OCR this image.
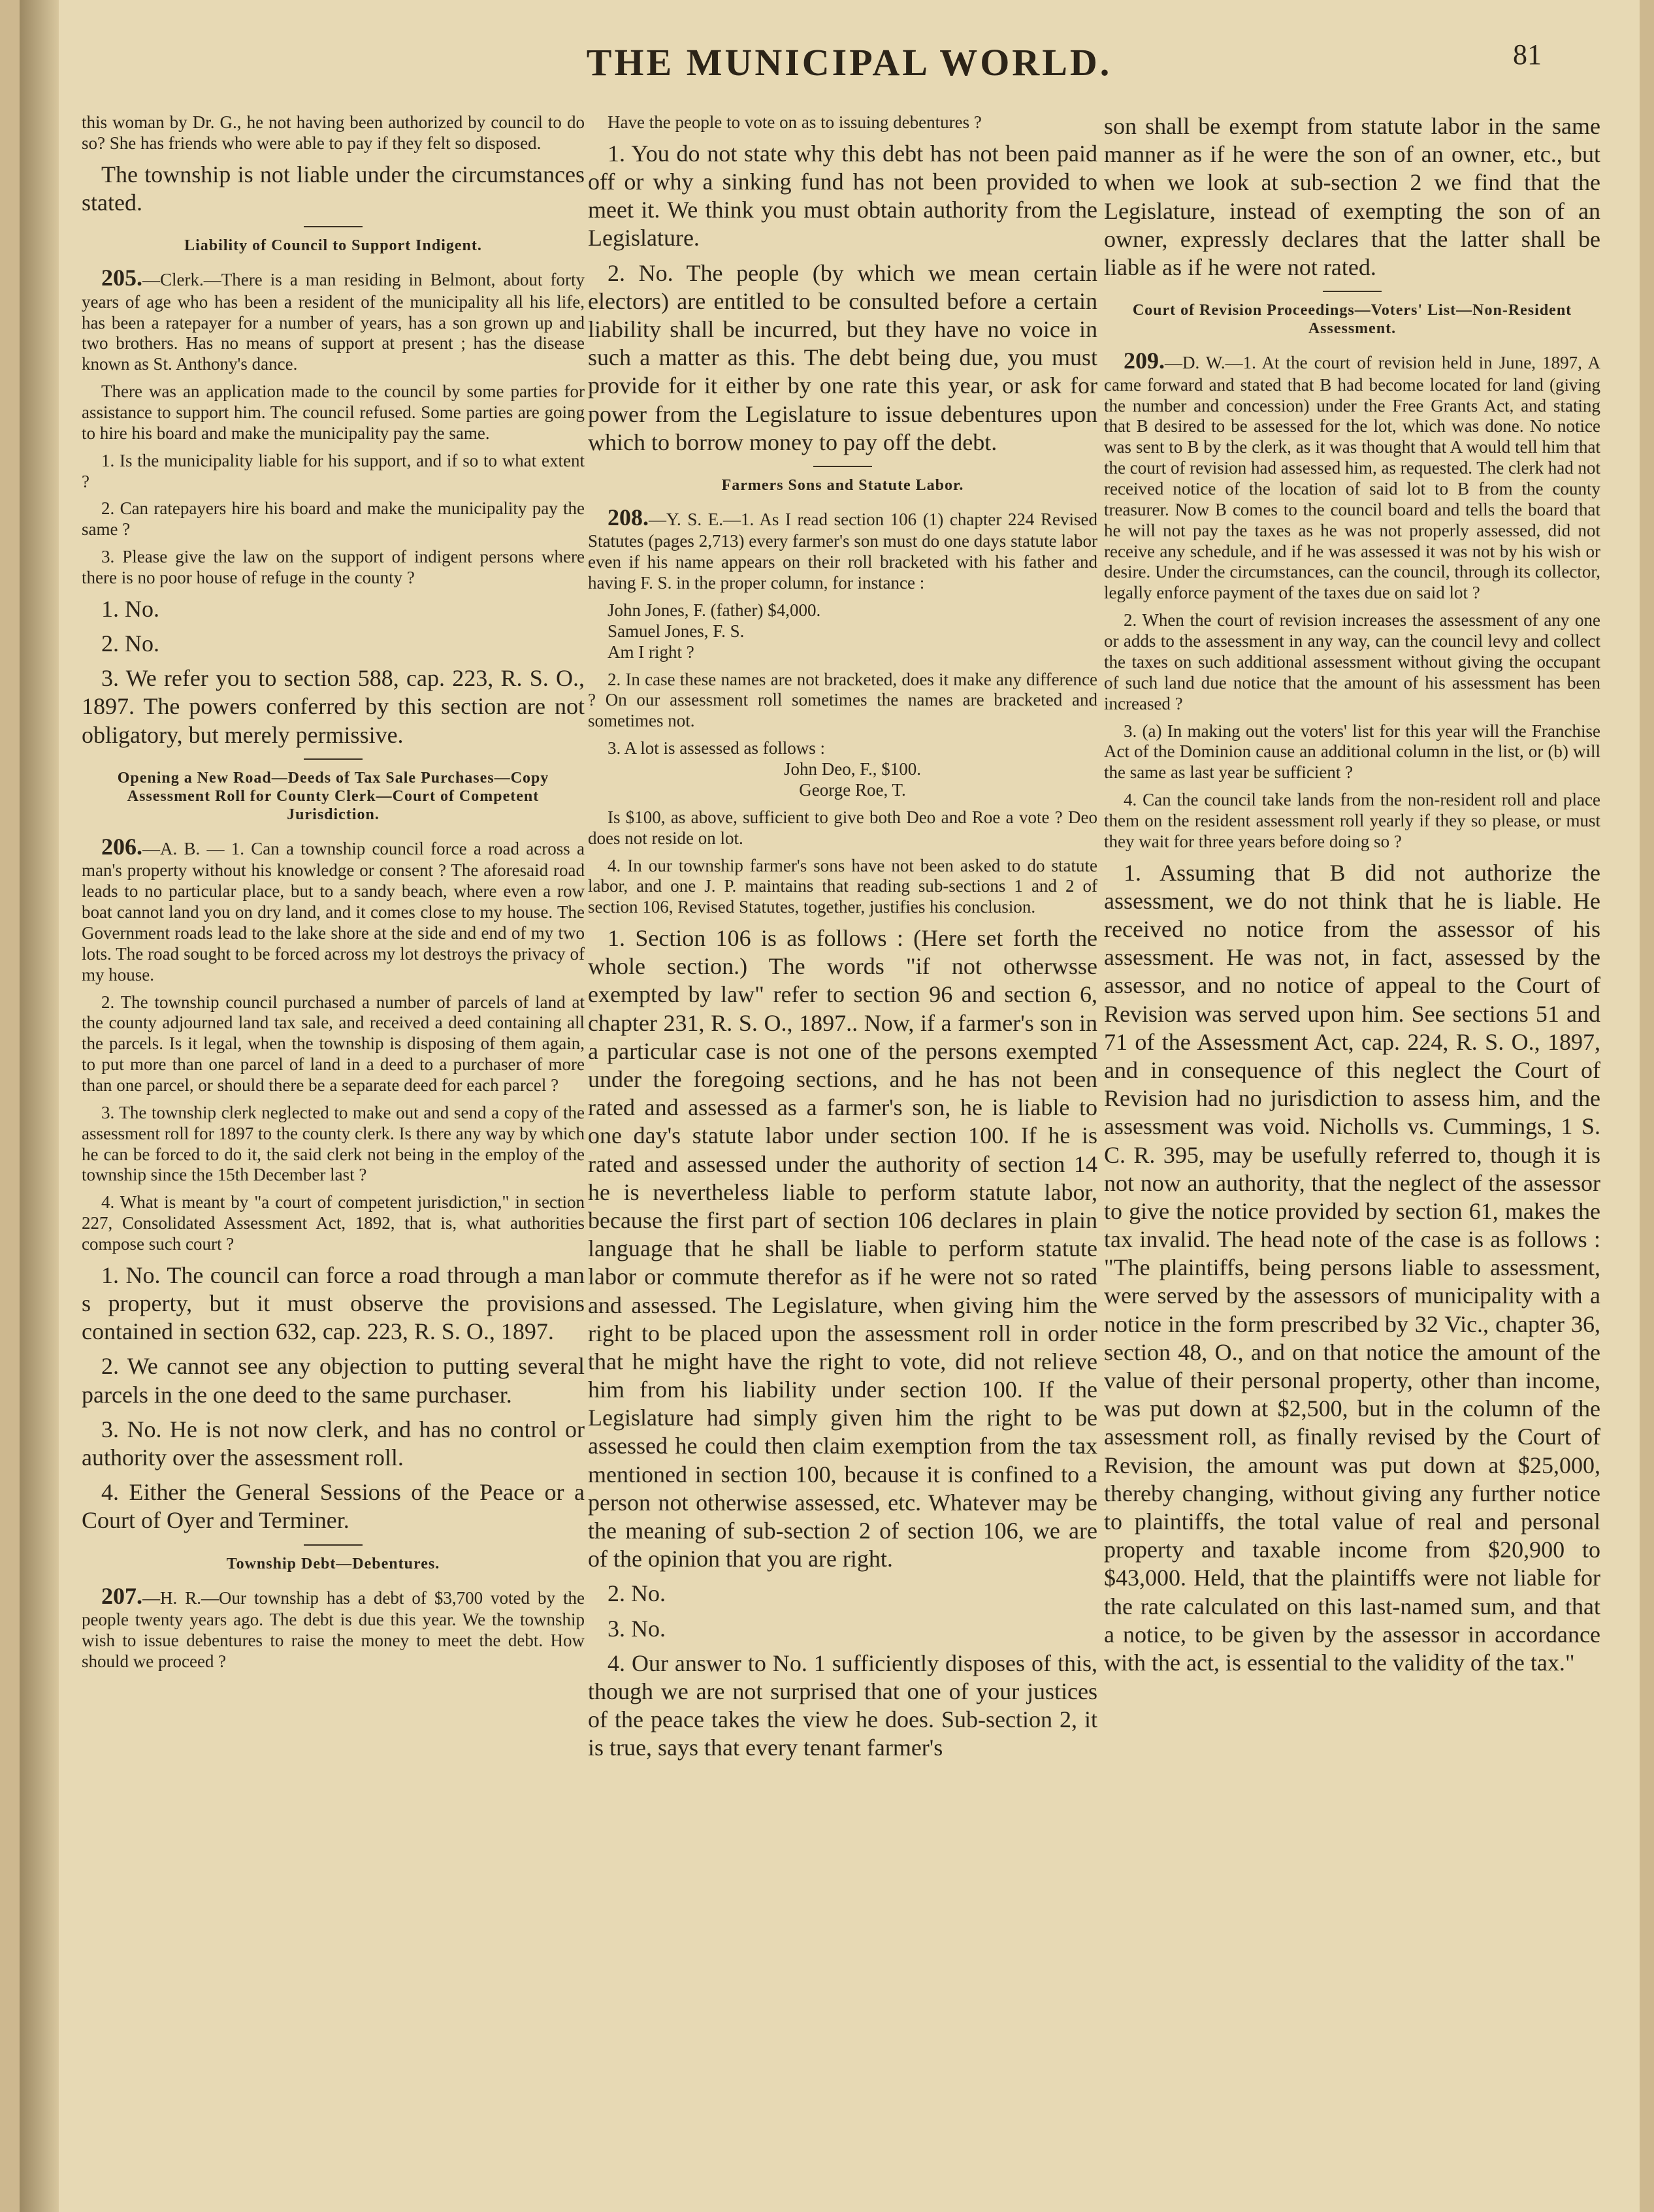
THE MUNICIPAL WORLD.	81

this woman by Dr. G., he not having been authorized by council to do so? She has friends who were able to pay if they felt so disposed.

The township is not liable under the circumstances stated.

Liability of Council to Support Indigent.

205.—Clerk.—There is a man residing in Belmont, about forty years of age who has been a resident of the municipality all his life, has been a ratepayer for a number of years, has a son grown up and two brothers. Has no means of support at present ; has the disease known as St. Anthony's dance.

There was an application made to the council by some parties for assistance to support him. The council refused. Some parties are going to hire his board and make the municipality pay the same.

1. Is the municipality liable for his support, and if so to what extent ?

2. Can ratepayers hire his board and make the municipality pay the same ?

3. Please give the law on the support of indigent persons where there is no poor house of refuge in the county ?

1. No.

2. No.

3. We refer you to section 588, cap. 223, R. S. O., 1897. The powers conferred by this section are not obligatory, but merely permissive.

Opening a New Road—Deeds of Tax Sale Purchases—Copy Assessment Roll for County Clerk—Court of Competent Jurisdiction.

206.—A. B. — 1. Can a township council force a road across a man's property without his knowledge or consent ? The aforesaid road leads to no particular place, but to a sandy beach, where even a row boat cannot land you on dry land, and it comes close to my house. The Government roads lead to the lake shore at the side and end of my two lots. The road sought to be forced across my lot destroys the privacy of my house.

2. The township council purchased a number of parcels of land at the county adjourned land tax sale, and received a deed containing all the parcels. Is it legal, when the township is disposing of them again, to put more than one parcel of land in a deed to a purchaser of more than one parcel, or should there be a separate deed for each parcel ?

3. The township clerk neglected to make out and send a copy of the assessment roll for 1897 to the county clerk. Is there any way by which he can be forced to do it, the said clerk not being in the employ of the township since the 15th December last ?

4. What is meant by "a court of competent jurisdiction," in section 227, Consolidated Assessment Act, 1892, that is, what authorities compose such court ?

1. No. The council can force a road through a man s property, but it must observe the provisions contained in section 632, cap. 223, R. S. O., 1897.

2. We cannot see any objection to putting several parcels in the one deed to the same purchaser.

3. No. He is not now clerk, and has no control or authority over the assessment roll.

4. Either the General Sessions of the Peace or a Court of Oyer and Terminer.

Township Debt—Debentures.

207.—H. R.—Our township has a debt of $3,700 voted by the people twenty years ago. The debt is due this year. We the township wish to issue debentures to raise the money to meet the debt. How should we proceed ?

Have the people to vote on as to issuing debentures ?

1. You do not state why this debt has not been paid off or why a sinking fund has not been provided to meet it. We think you must obtain authority from the Legislature.

2. No. The people (by which we mean certain electors) are entitled to be consulted before a certain liability shall be incurred, but they have no voice in such a matter as this. The debt being due, you must provide for it either by one rate this year, or ask for power from the Legislature to issue debentures upon which to borrow money to pay off the debt.

Farmers Sons and Statute Labor.

208.—Y. S. E.—1. As I read section 106 (1) chapter 224 Revised Statutes (pages 2,713) every farmer's son must do one days statute labor even if his name appears on their roll bracketed with his father and having F. S. in the proper column, for instance :

John Jones, F. (father) $4,000.

Samuel Jones, F. S.

Am I right ?

2. In case these names are not bracketed, does it make any difference ? On our assessment roll sometimes the names are bracketed and sometimes not.

3. A lot is assessed as follows :

John Deo, F., $100.

George Roe, T.

Is $100, as above, sufficient to give both Deo and Roe a vote ? Deo does not reside on lot.

4. In our township farmer's sons have not been asked to do statute labor, and one J. P. maintains that reading sub-sections 1 and 2 of section 106, Revised Statutes, together, justifies his conclusion.

1. Section 106 is as follows : (Here set forth the whole section.) The words "if not otherwsse exempted by law" refer to section 96 and section 6, chapter 231, R. S. O., 1897.. Now, if a farmer's son in a particular case is not one of the persons exempted under the foregoing sections, and he has not been rated and assessed as a farmer's son, he is liable to one day's statute labor under section 100. If he is rated and assessed under the authority of section 14 he is nevertheless liable to perform statute labor, because the first part of section 106 declares in plain language that he shall be liable to perform statute labor or commute therefor as if he were not so rated and assessed. The Legislature, when giving him the right to be placed upon the assessment roll in order that he might have the right to vote, did not relieve him from his liability under section 100. If the Legislature had simply given him the right to be assessed he could then claim exemption from the tax mentioned in section 100, because it is confined to a person not otherwise assessed, etc. Whatever may be the meaning of sub-section 2 of section 106, we are of the opinion that you are right.

2. No.

3. No.

4. Our answer to No. 1 sufficiently disposes of this, though we are not surprised that one of your justices of the peace takes the view he does. Sub-section 2, it is true, says that every tenant farmer's

son shall be exempt from statute labor in the same manner as if he were the son of an owner, etc., but when we look at sub-section 2 we find that the Legislature, instead of exempting the son of an owner, expressly declares that the latter shall be liable as if he were not rated.

Court of Revision Proceedings—Voters' List—Non-Resident Assessment.

209.—D. W.—1. At the court of revision held in June, 1897, A came forward and stated that B had become located for land (giving the number and concession) under the Free Grants Act, and stating that B desired to be assessed for the lot, which was done. No notice was sent to B by the clerk, as it was thought that A would tell him that the court of revision had assessed him, as requested. The clerk had not received notice of the location of said lot to B from the county treasurer. Now B comes to the council board and tells the board that he will not pay the taxes as he was not properly assessed, did not receive any schedule, and if he was assessed it was not by his wish or desire. Under the circumstances, can the council, through its collector, legally enforce payment of the taxes due on said lot ?

2. When the court of revision increases the assessment of any one or adds to the assessment in any way, can the council levy and collect the taxes on such additional assessment without giving the occupant of such land due notice that the amount of his assessment has been increased ?

3. (a) In making out the voters' list for this year will the Franchise Act of the Dominion cause an additional column in the list, or (b) will the same as last year be sufficient ?

4. Can the council take lands from the non-resident roll and place them on the resident assessment roll yearly if they so please, or must they wait for three years before doing so ?

1. Assuming that B did not authorize the assessment, we do not think that he is liable. He received no notice from the assessor of his assessment. He was not, in fact, assessed by the assessor, and no notice of appeal to the Court of Revision was served upon him. See sections 51 and 71 of the Assessment Act, cap. 224, R. S. O., 1897, and in consequence of this neglect the Court of Revision had no jurisdiction to assess him, and the assessment was void. Nicholls vs. Cummings, 1 S. C. R. 395, may be usefully referred to, though it is not now an authority, that the neglect of the assessor to give the notice provided by section 61, makes the tax invalid. The head note of the case is as follows : "The plaintiffs, being persons liable to assessment, were served by the assessors of municipality with a notice in the form prescribed by 32 Vic., chapter 36, section 48, O., and on that notice the amount of the value of their personal property, other than income, was put down at $2,500, but in the column of the assessment roll, as finally revised by the Court of Revision, the amount was put down at $25,000, thereby changing, without giving any further notice to plaintiffs, the total value of real and personal property and taxable income from $20,900 to $43,000. Held, that the plaintiffs were not liable for the rate calculated on this last-named sum, and that a notice, to be given by the assessor in accordance with the act, is essential to the validity of the tax."
